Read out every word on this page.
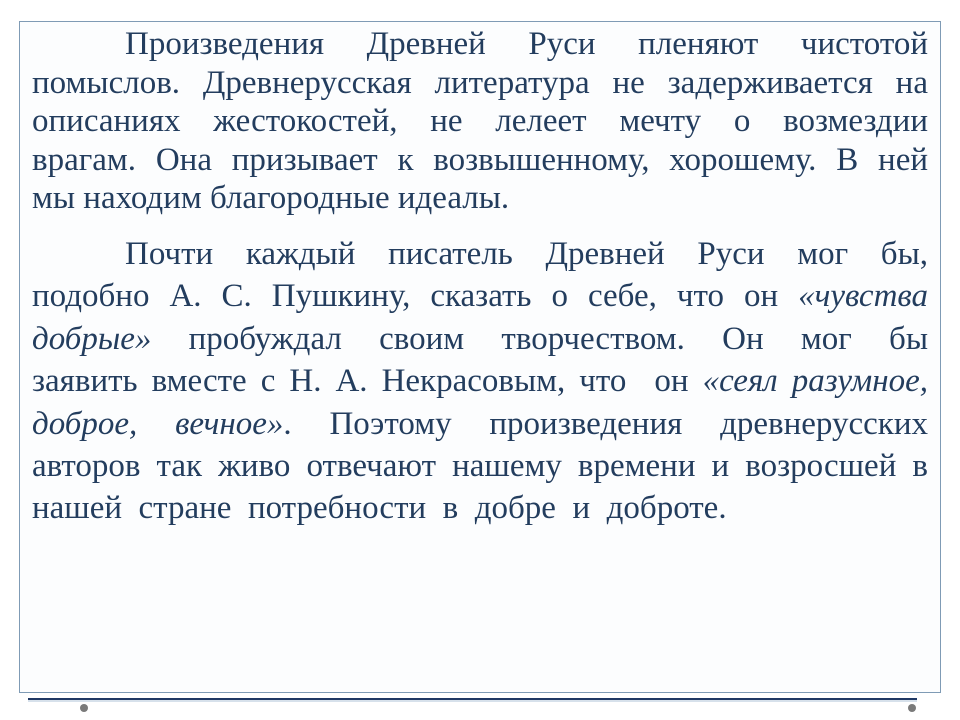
Произведения Древней Руси пленяют чистотой
помыслов. Древнерусская литература не задерживается на
описаниях жестокостей, не лелеет мечту о возмездии
врагам. Она призывает к возвышенному, хорошему. В ней
мы находим благородные идеалы.
Почти каждый писатель Древней Руси мог бы,
подобно А. С. Пушкину, сказать о себе, что он «чувства
добрые» пробуждал своим творчеством. Он мог бы
заявить вместе с Н. А. Некрасовым, что  он «сеял разумное,
доброе, вечное». Поэтому произведения древнерусских
авторов так живо отвечают нашему времени и возросшей в
нашей  стране  потребности  в  добре  и  доброте.
